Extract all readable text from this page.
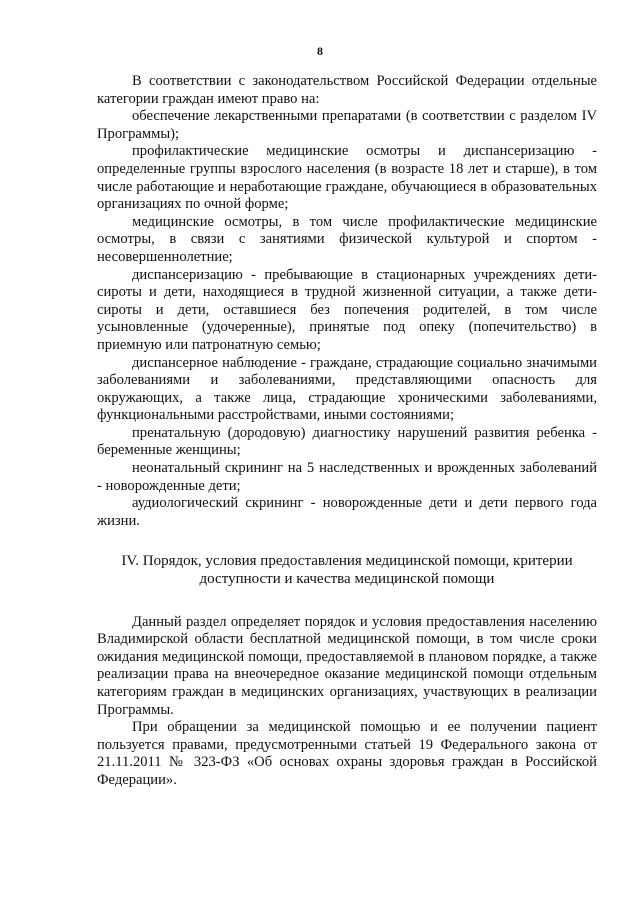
8

В соответствии с законодательством Российской Федерации отдельные категории граждан имеют право на:

обеспечение лекарственными препаратами (в соответствии с разделом IV Программы);

профилактические медицинские осмотры и диспансеризацию - определенные группы взрослого населения (в возрасте 18 лет и старше), в том числе работающие и неработающие граждане, обучающиеся в образовательных организациях по очной форме;

медицинские осмотры, в том числе профилактические медицинские осмотры, в связи с занятиями физической культурой и спортом - несовершеннолетние;

диспансеризацию - пребывающие в стационарных учреждениях дети-сироты и дети, находящиеся в трудной жизненной ситуации, а также дети-сироты и дети, оставшиеся без попечения родителей, в том числе усыновленные (удочеренные), принятые под опеку (попечительство) в приемную или патронатную семью;

диспансерное наблюдение - граждане, страдающие социально значимыми заболеваниями и заболеваниями, представляющими опасность для окружающих, а также лица, страдающие хроническими заболеваниями, функциональными расстройствами, иными состояниями;

пренатальную (дородовую) диагностику нарушений развития ребенка - беременные женщины;

неонатальный скрининг на 5 наследственных и врожденных заболеваний - новорожденные дети;

аудиологический скрининг - новорожденные дети и дети первого года жизни.

IV. Порядок, условия предоставления медицинской помощи, критерии
доступности и качества медицинской помощи

Данный раздел определяет порядок и условия предоставления населению Владимирской области бесплатной медицинской помощи, в том числе сроки ожидания медицинской помощи, предоставляемой в плановом порядке, а также реализации права на внеочередное оказание медицинской помощи отдельным категориям граждан в медицинских организациях, участвующих в реализации Программы.

При обращении за медицинской помощью и ее получении пациент пользуется правами, предусмотренными статьей 19 Федерального закона от 21.11.2011 № 323-ФЗ «Об основах охраны здоровья граждан в Российской Федерации».
